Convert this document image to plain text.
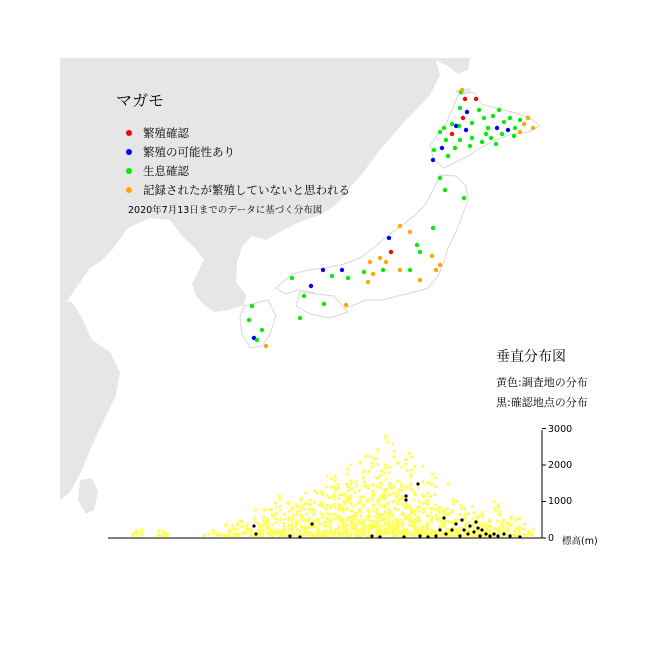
マガモ
繁殖確認
繁殖の可能性あり
生息確認
記録されたが繁殖していないと思われる
2020年7月13日までのデータに基づく分布図
垂直分布図
黄色:調査地の分布
黒:確認地点の分布
3000
2000
1000
0 標高(m)
